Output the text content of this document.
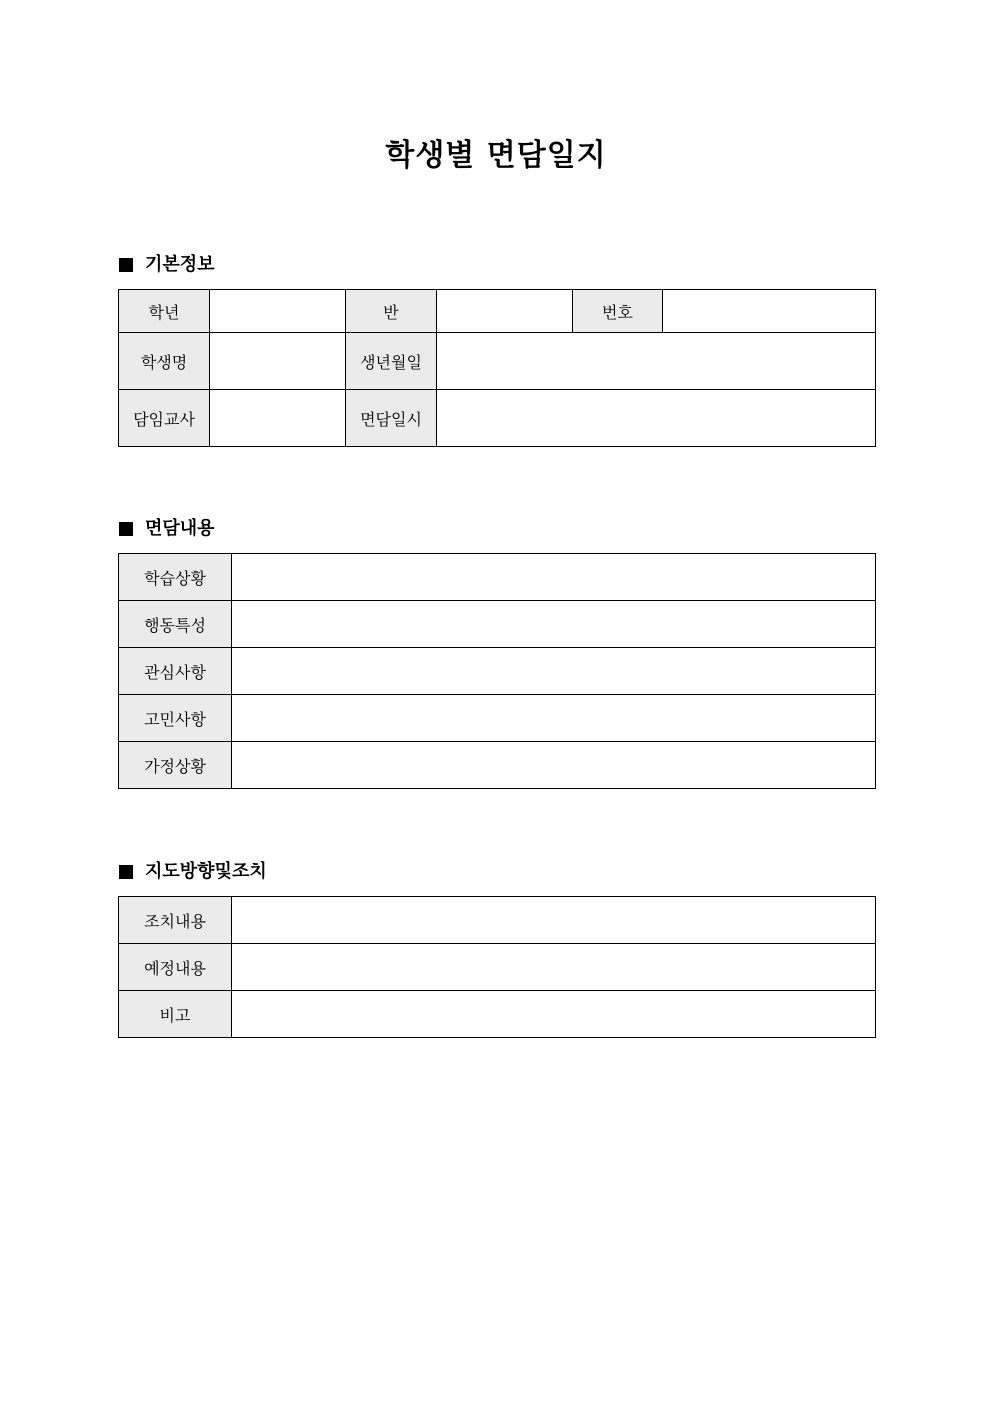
학생별 면담일지
기본정보
학년		반		번호	
학생명		생년월일			
담임교사		면담일시			
면담내용
학습상황	
행동특성	
관심사항	
고민사항	
가정상황	
지도방향및조치
조치내용	
예정내용	
비고	
